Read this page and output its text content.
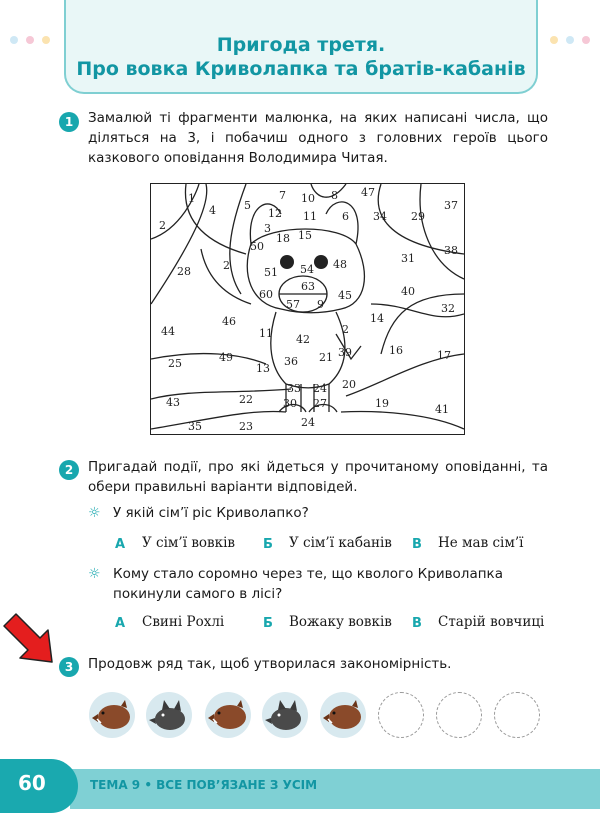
Пригода третя.
Про вовка Криволапка та братів-кабанів
1	Замалюй ті фрагменти малюнка, на яких написані числа, що діляться на 3, і побачиш одного з головних героїв цього казкового оповідання Володимира Читая.
1
4	5
7 10 8 47
37
2
12 11 6 34 29
3
18 15
50
28	2
51 54 48	31
38
63
60
57 9
45	40
32
46	14
44	11 42
2
39	16	17
25	49
13
36 21
33 24 20
43	22	30 27	19	41
35	23	24
2	Пригадай події, про які йдеться у прочитаному оповіданні, та обери правильні варіанти відповідей.
☼ У якій сім’ї ріс Криволапко?
А У сім’ї вовків Б У сім’ї кабанів В Не мав сім’ї
☼ Кому стало соромно через те, що кволого Криволапка покинули самого в лісі?
А Свині Рохлі	Б Вожаку вовків В Старій вовчиці
3	Продовж ряд так, щоб утворилася закономірність.
60	ТЕМА 9 • ВСЕ ПОВ’ЯЗАНЕ З УСІМ
